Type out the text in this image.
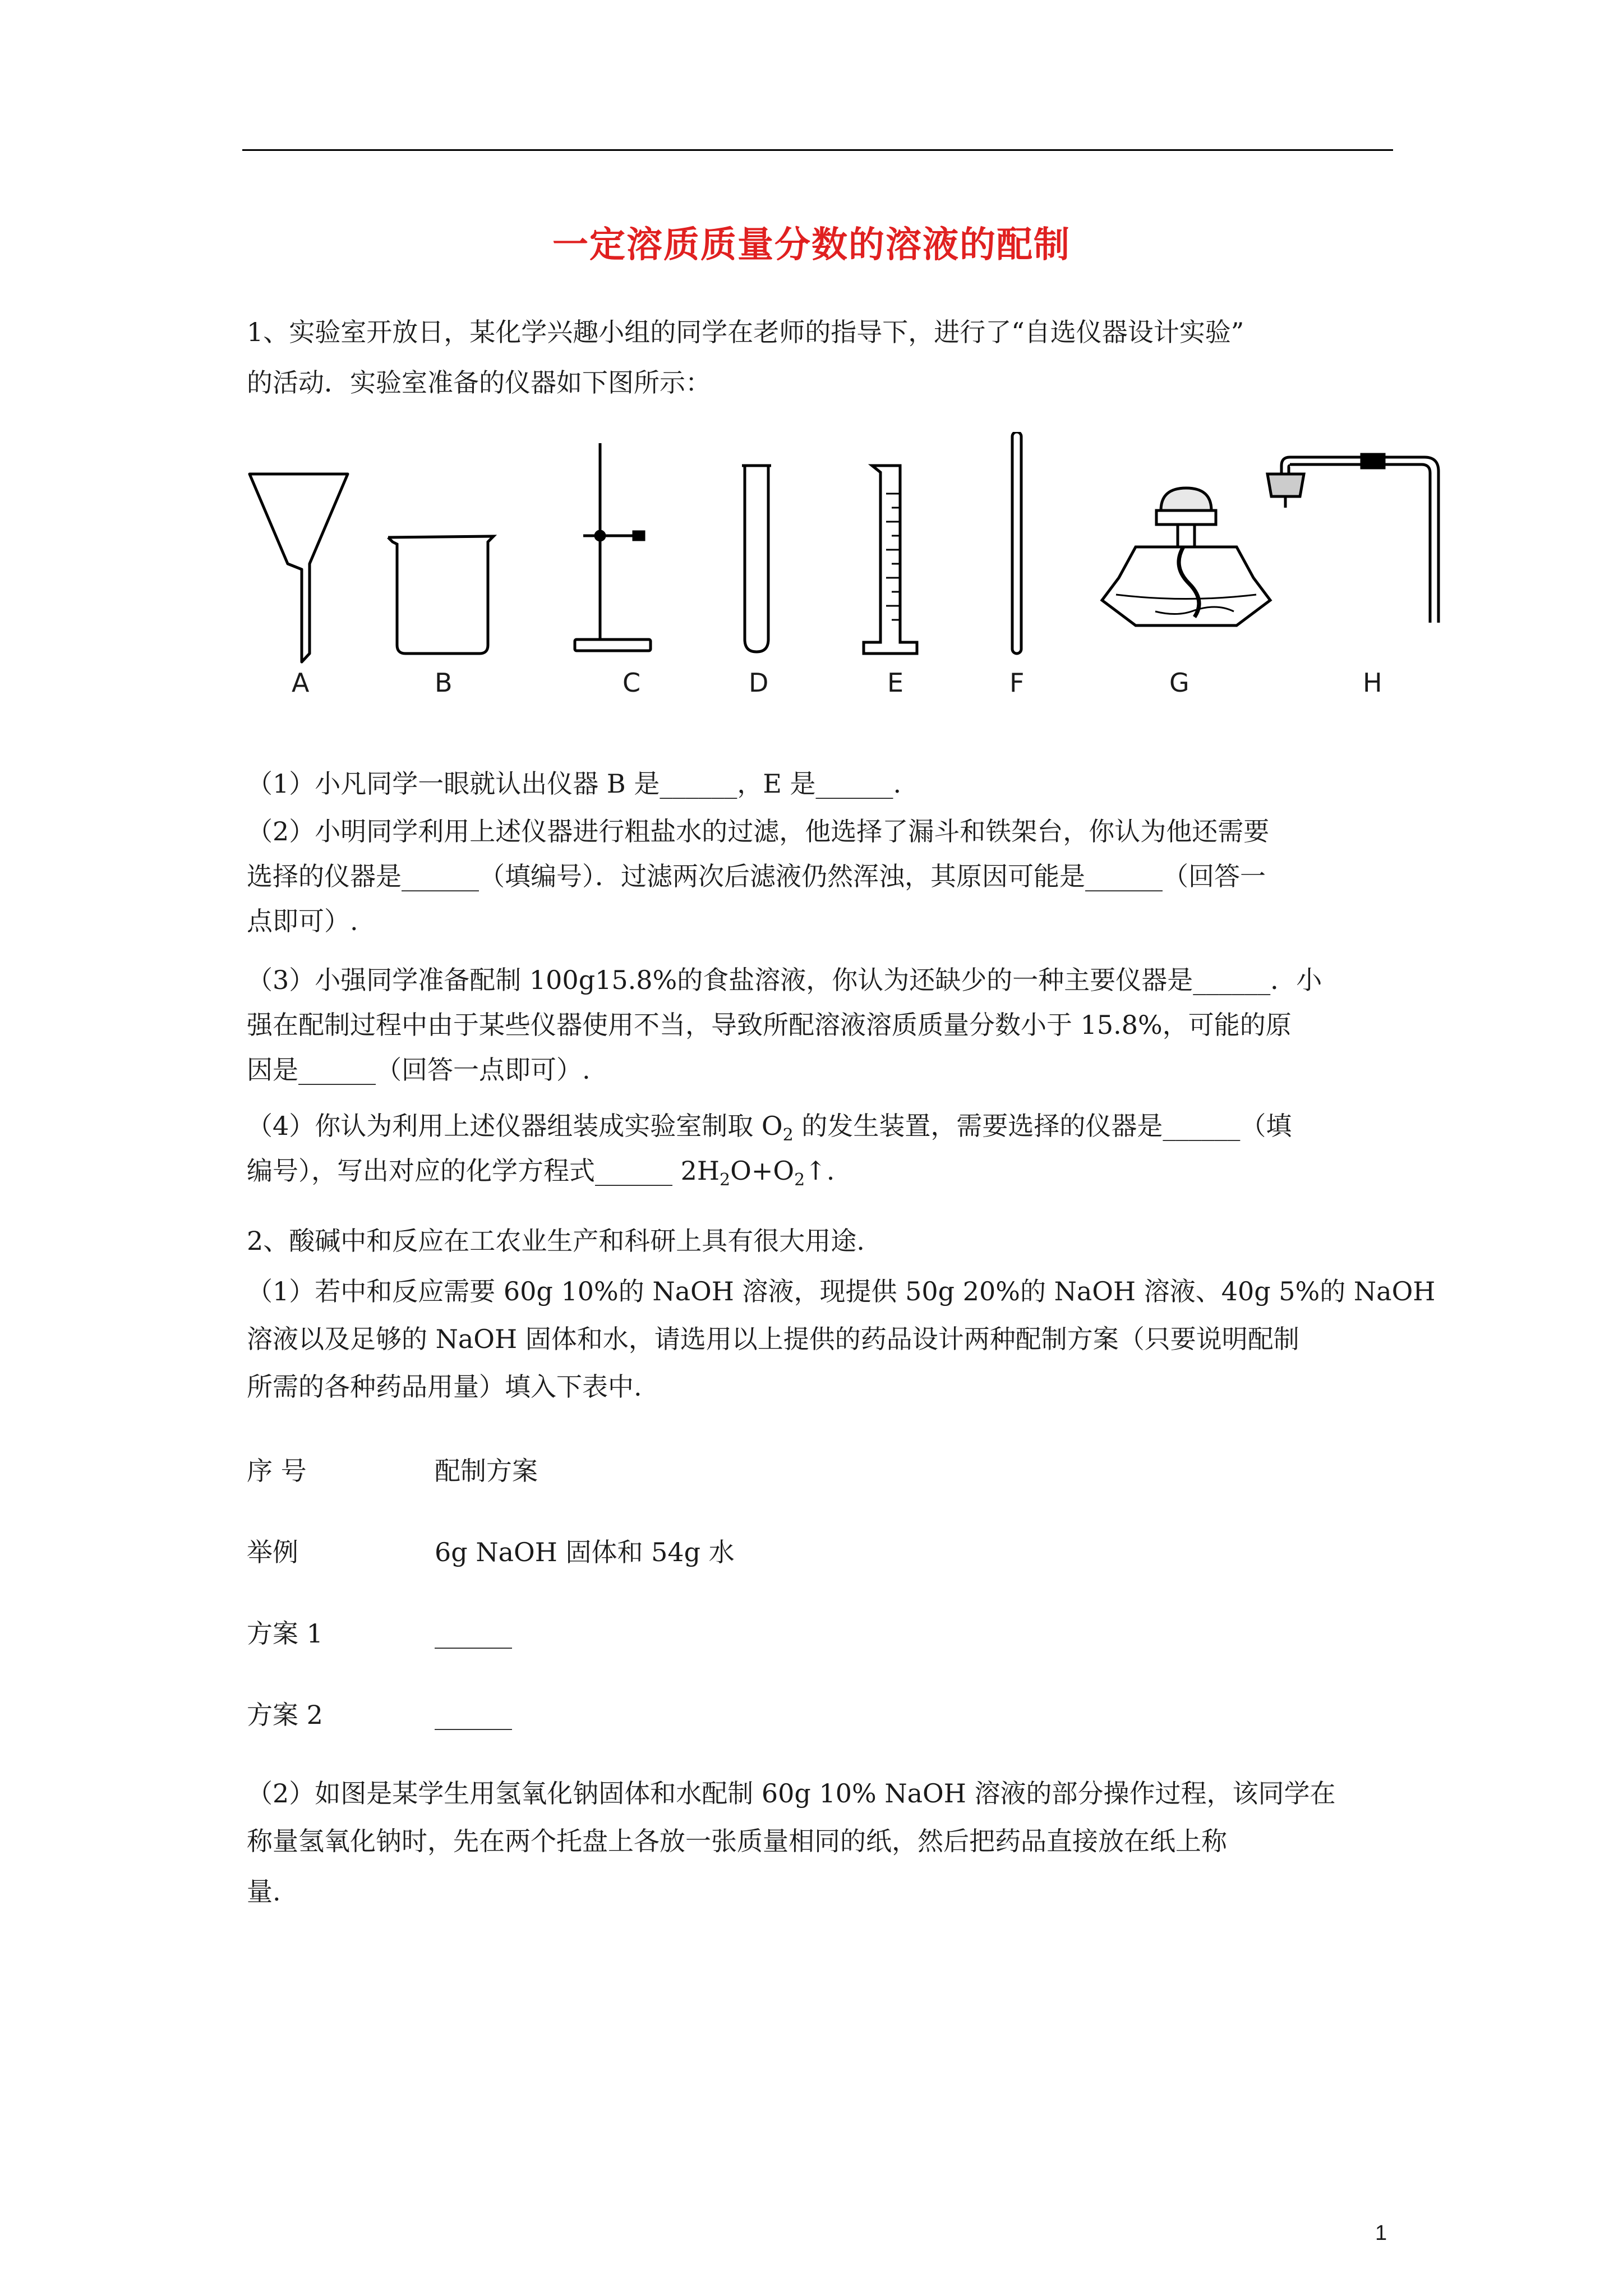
一定溶质质量分数的溶液的配制
1、实验室开放日，某化学兴趣小组的同学在老师的指导下，进行了“自选仪器设计实验”
的活动．实验室准备的仪器如下图所示：
A	B	C	D	E	F	G	H
（1）小凡同学一眼就认出仪器 B 是______，E 是______.
（2）小明同学利用上述仪器进行粗盐水的过滤，他选择了漏斗和铁架台，你认为他还需要
选择的仪器是______（填编号）．过滤两次后滤液仍然浑浊，其原因可能是______（回答一
点即可）.
（3）小强同学准备配制 100g15.8%的食盐溶液，你认为还缺少的一种主要仪器是______．小
强在配制过程中由于某些仪器使用不当，导致所配溶液溶质质量分数小于 15.8%，可能的原
因是______（回答一点即可）.
（4）你认为利用上述仪器组装成实验室制取 $O_2$ 的发生装置，需要选择的仪器是______（填
编号），写出对应的化学方程式______ $2H_2O+O_2↑$.
2、酸碱中和反应在工农业生产和科研上具有很大用途.
（1）若中和反应需要 60g 10%的 NaOH 溶液，现提供 50g 20%的 NaOH 溶液、40g 5%的 NaOH
溶液以及足够的 NaOH 固体和水，请选用以上提供的药品设计两种配制方案（只要说明配制
所需的各种药品用量）填入下表中.
序 号	配制方案
举例	6g NaOH 固体和 54g 水
方案 1	______
方案 2	______
（2）如图是某学生用氢氧化钠固体和水配制 60g 10% NaOH 溶液的部分操作过程，该同学在
称量氢氧化钠时，先在两个托盘上各放一张质量相同的纸，然后把药品直接放在纸上称
量.
1
